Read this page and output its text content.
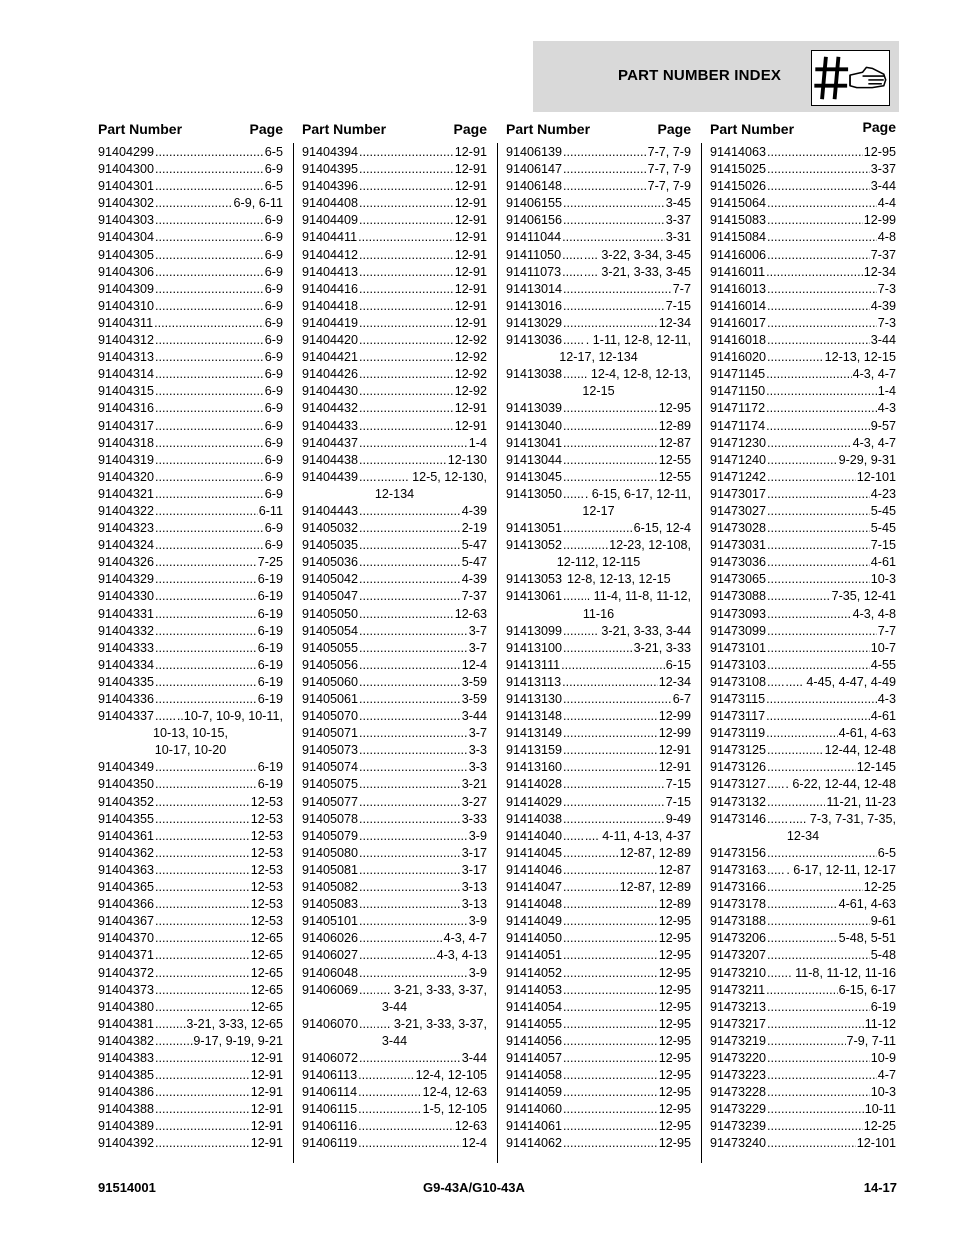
PART NUMBER INDEX
Part Number	Page
91404299 .....	6-5
91404300 .....	6-9
91404301 .....	6-5
91404302 .....	6-9, 6-11
91404303 .....	6-9
91404304 .....	6-9
91404305 .....	6-9
91404306 .....	6-9
91404309 .....	6-9
91404310 .....	6-9
91404311 .....	6-9
91404312 .....	6-9
91404313 .....	6-9
91404314 .....	6-9
91404315 .....	6-9
91404316 .....	6-9
91404317 .....	6-9
91404318 .....	6-9
91404319 .....	6-9
91404320 .....	6-9
91404321 .....	6-9
91404322 .....	6-11
91404323 .....	6-9
91404324 .....	6-9
91404326 .....	7-25
91404329 .....	6-19
91404330 .....	6-19
91404331 .....	6-19
91404332 .....	6-19
91404333 .....	6-19
91404334 .....	6-19
91404335 .....	6-19
91404336 .....	6-19
91404337 ..... ..10-7, 10-9, 10-11,
10-13, 10-15,
10-17, 10-20
91404349 .....	6-19
91404350 .....	6-19
91404352 .....	12-53
91404355 .....	12-53
91404361 .....	12-53
91404362 .....	12-53
91404363 .....	12-53
91404365 .....	12-53
91404366 .....	12-53
91404367 .....	12-53
91404370 .....	12-65
91404371 .....	12-65
91404372 .....	12-65
91404373 .....	12-65
91404380 .....	12-65
91404381 ..... ...3-21, 3-33, 12-65
91404382 ..... .....9-17, 9-19, 9-21
91404383 .....	12-91
91404385 .....	12-91
91404386 .....	12-91
91404388 .....	12-91
91404389 .....	12-91
91404392 .....	12-91
Part Number	Page
91404394 .....	12-91
91404395 .....	12-91
91404396 .....	12-91
91404408 .....	12-91
91404409 .....	12-91
91404411 .....	12-91
91404412 .....	12-91
91404413 .....	12-91
91404416 .....	12-91
91404418 .....	12-91
91404419 .....	12-91
91404420 .....	12-92
91404421 .....	12-92
91404426 .....	12-92
91404430 .....	12-92
91404432 .....	12-91
91404433 .....	12-91
91404437 .....	1-4
91404438 .....	12-130
91404439 ..... ......... 12-5, 12-130,
12-134
91404443 .....	4-39
91405032 .....	2-19
91405035 .....	5-47
91405036 .....	5-47
91405042 .....	4-39
91405047 .....	7-37
91405050 .....	12-63
91405054 .....	3-7
91405055 .....	3-7
91405056 .....	12-4
91405060 .....	3-59
91405061 .....	3-59
91405070 .....	3-44
91405071 .....	3-7
91405073 .....	3-3
91405074 .....	3-3
91405075 .....	3-21
91405077 .....	3-27
91405078 .....	3-33
91405079 .....	3-9
91405080 .....	3-17
91405081 .....	3-17
91405082 .....	3-13
91405083 .....	3-13
91405101 .....	3-9
91406026 .....	4-3, 4-7
91406027 .....	4-3, 4-13
91406048 .....	3-9
91406069 ..... .... 3-21, 3-33, 3-37,
3-44
91406070 ..... .... 3-21, 3-33, 3-37,
3-44
91406072 .....	3-44
91406113 .....	12-4, 12-105
91406114 .....	12-4, 12-63
91406115 .....	1-5, 12-105
91406116 .....	12-63
91406119 .....	12-4
Part Number	Page
91406139 .....	7-7, 7-9
91406147 .....	7-7, 7-9
91406148 .....	7-7, 7-9
91406155 .....	3-45
91406156 .....	3-37
91411044 .....	3-31
91411050 ..... .... 3-22, 3-34, 3-45
91411073 ..... .... 3-21, 3-33, 3-45
91413014 .....	7-7
91413016 .....	7-15
91413029 .....	12-34
91413036 ..... . 1-11, 12-8, 12-11,
12-17, 12-134
91413038 ..... . 12-4, 12-8, 12-13,
12-15
91413039 .....	12-95
91413040 .....	12-89
91413041 .....	12-87
91413044 .....	12-55
91413045 .....	12-55
91413050 ..... . 6-15, 6-17, 12-11,
12-17
91413051 .....	6-15, 12-4
91413052 .....	12-23, 12-108,
12-112, 12-115
91413053 12-8, 12-13, 12-15
91413061 ..... . 11-4, 11-8, 11-12,
11-16
91413099 ..... .... 3-21, 3-33, 3-44
91413100 .....	3-21, 3-33
91413111 .....	6-15
91413113 .....	12-34
91413130 .....	6-7
91413148 .....	12-99
91413149 .....	12-99
91413159 .....	12-91
91413160 .....	12-91
91414028 .....	7-15
91414029 .....	7-15
91414038 .....	9-49
91414040 ..... .... 4-11, 4-13, 4-37
91414045 .....	12-87, 12-89
91414046 .....	12-87
91414047 .....	12-87, 12-89
91414048 .....	12-89
91414049 .....	12-95
91414050 .....	12-95
91414051 .....	12-95
91414052 .....	12-95
91414053 .....	12-95
91414054 .....	12-95
91414055 .....	12-95
91414056 .....	12-95
91414057 .....	12-95
91414058 .....	12-95
91414059 .....	12-95
91414060 .....	12-95
91414061 .....	12-95
91414062 .....	12-95
Part Number	Page
91414063 .....	12-95
91415025 .....	3-37
91415026 .....	3-44
91415064 .....	4-4
91415083 .....	12-99
91415084 .....	4-8
91416006 .....	7-37
91416011 .....	12-34
91416013 .....	7-3
91416014 .....	4-39
91416017 .....	7-3
91416018 .....	3-44
91416020 .....	12-13, 12-15
91471145 .....	4-3, 4-7
91471150 .....	1-4
91471172 .....	4-3
91471174 .....	9-57
91471230 .....	4-3, 4-7
91471240 .....	9-29, 9-31
91471242 .....	12-101
91473017 .....	4-23
91473027 .....	5-45
91473028 .....	5-45
91473031 .....	7-15
91473036 .....	4-61
91473065 .....	10-3
91473088 .....	7-35, 12-41
91473093 .....	4-3, 4-8
91473099 .....	7-7
91473101 .....	10-7
91473103 .....	4-55
91473108 ..... ..... 4-45, 4-47, 4-49
91473115 .....	4-3
91473117 .....	4-61
91473119 .....	4-61, 4-63
91473125 .....	12-44, 12-48
91473126 .....	12-145
91473127 ..... . 6-22, 12-44, 12-48
91473132 .....	11-21, 11-23
91473146 ..... ..... 7-3, 7-31, 7-35,
12-34
91473156 .....	6-5
91473163 ..... . 6-17, 12-11, 12-17
91473166 .....	12-25
91473178 .....	4-61, 4-63
91473188 .....	9-61
91473206 .....	5-48, 5-51
91473207 .....	5-48
91473210 ..... . 11-8, 11-12, 11-16
91473211 .....	6-15, 6-17
91473213 .....	6-19
91473217 .....	11-12
91473219 .....	7-9, 7-11
91473220 .....	10-9
91473223 .....	4-7
91473228 .....	10-3
91473229 .....	10-11
91473239 .....	12-25
91473240 .....	12-101
91514001	G9-43A/G10-43A	14-17
